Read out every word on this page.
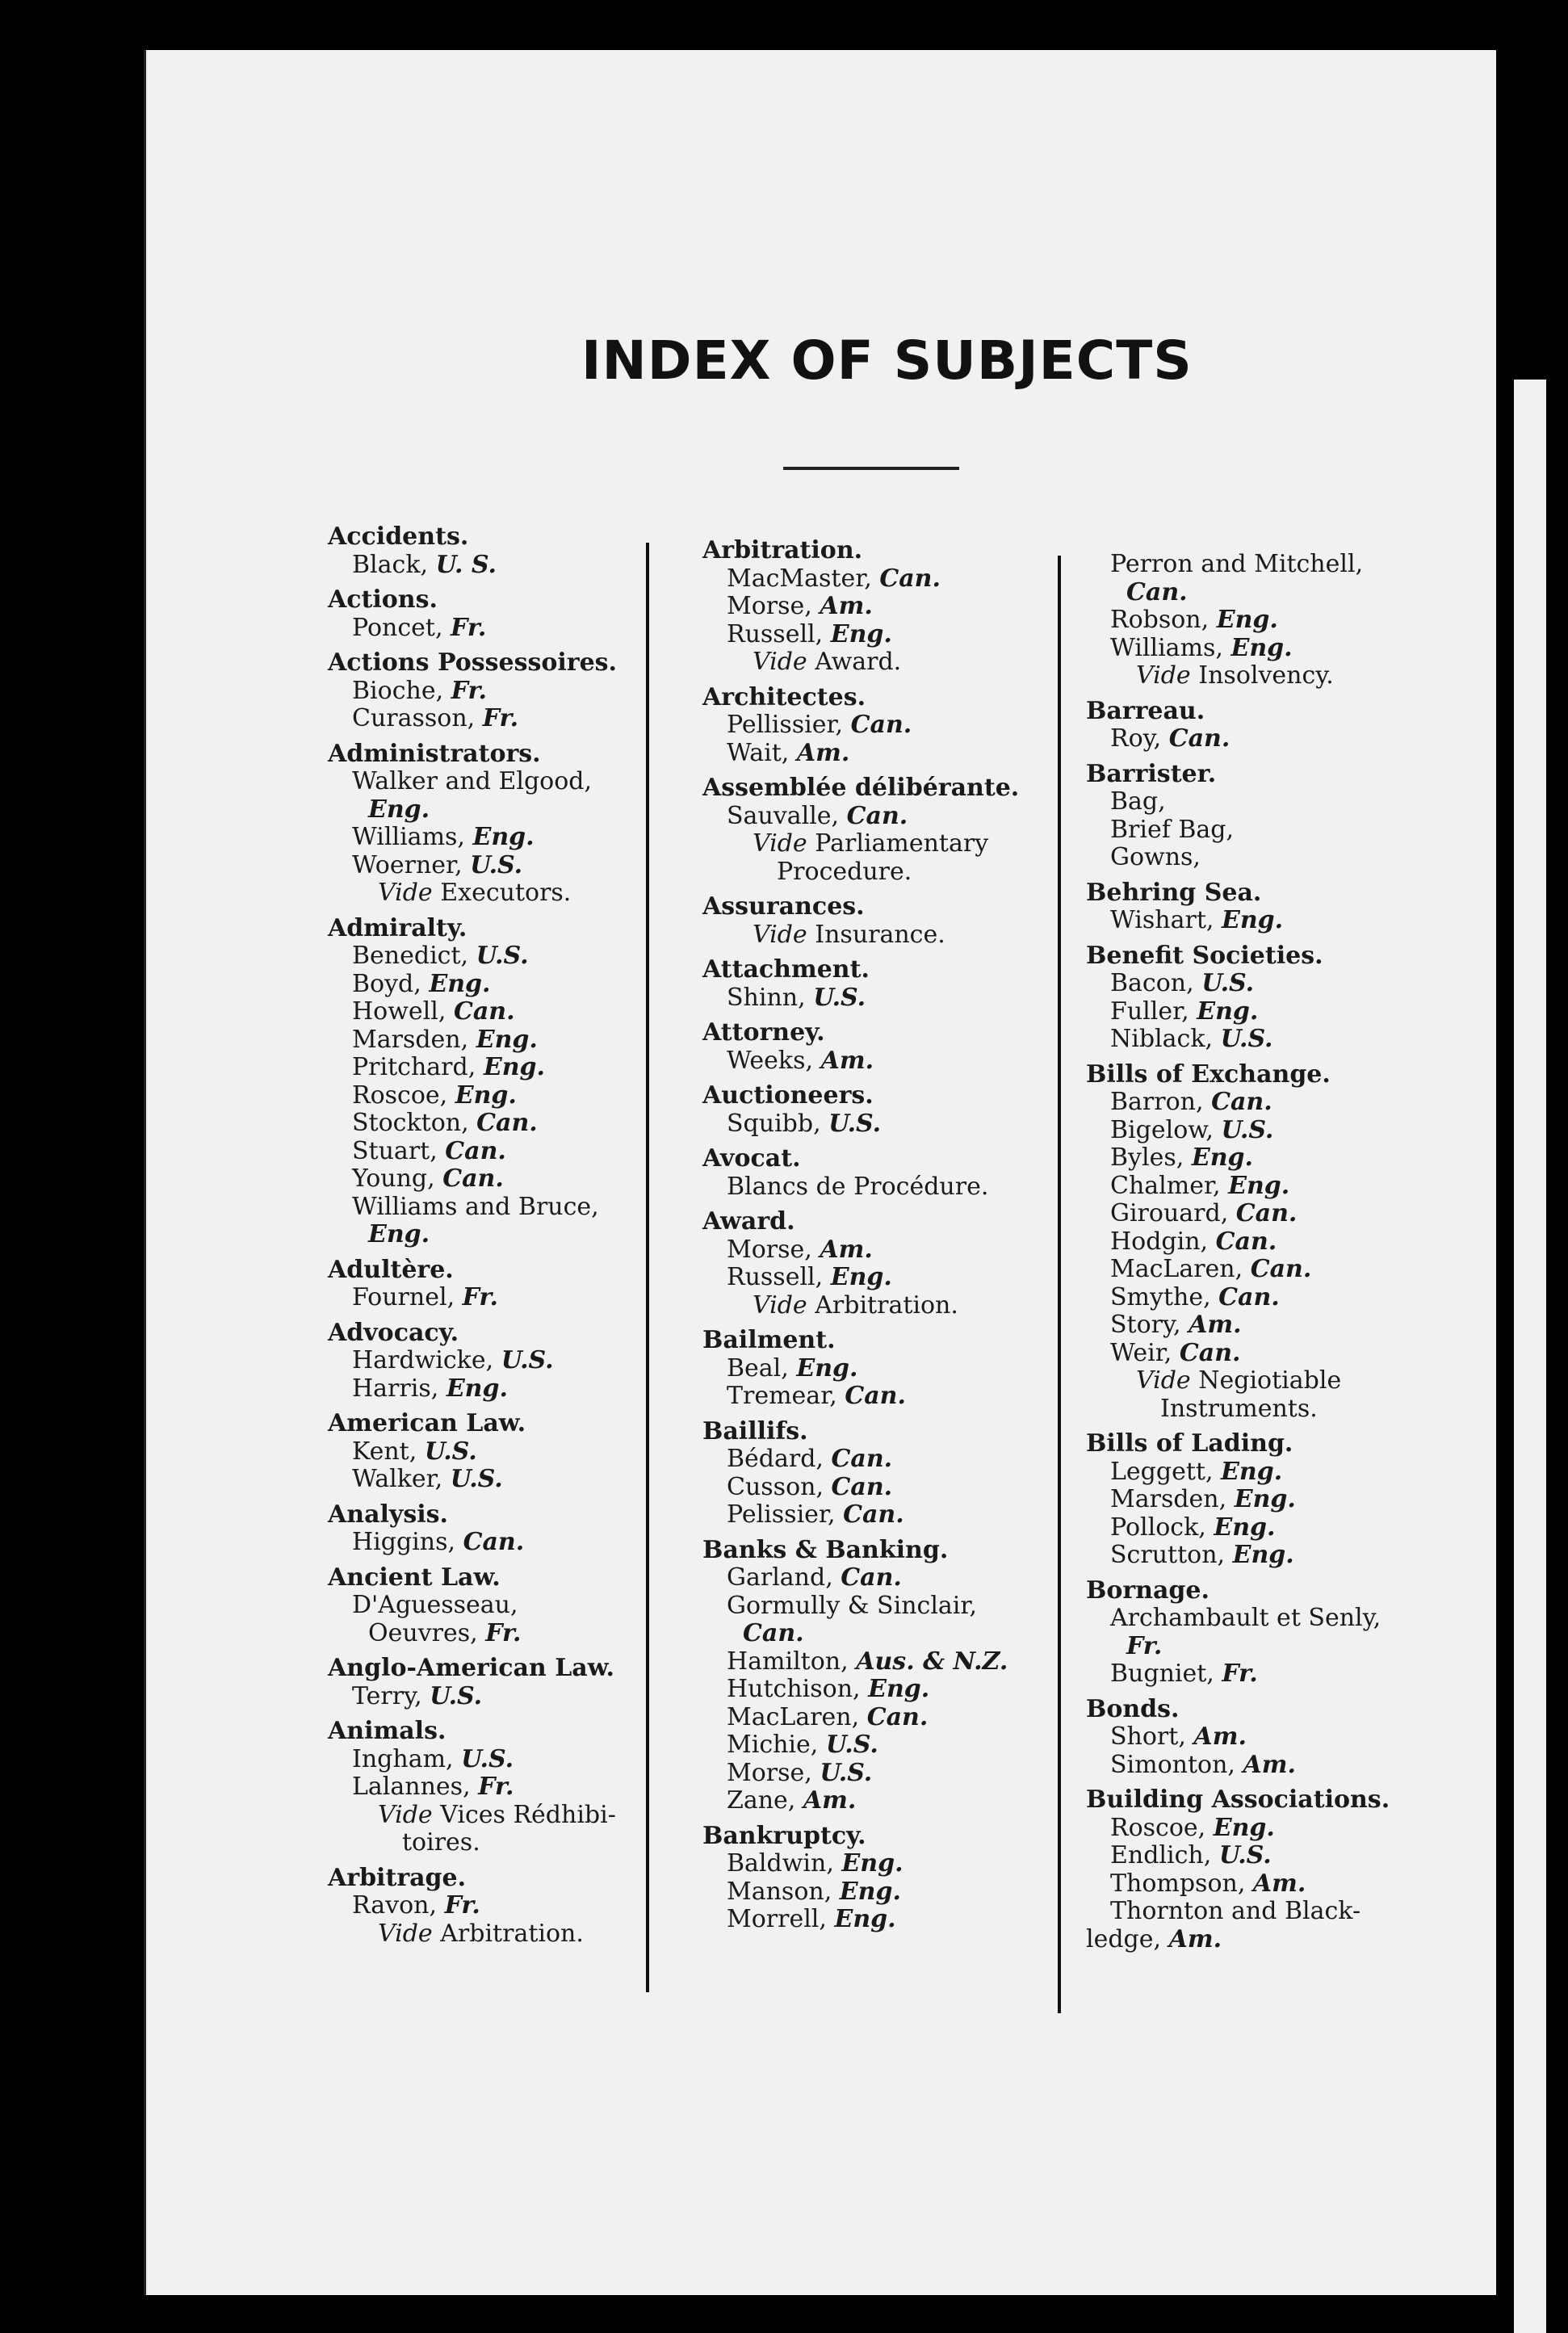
INDEX OF SUBJECTS
Accidents.
Black, U. S.
Actions.
Poncet, Fr.
Actions Possessoires.
Bioche, Fr.
Curasson, Fr.
Administrators.
Walker and Elgood,
Eng.
Williams, Eng.
Woerner, U.S.
Vide Executors.
Admiralty.
Benedict, U.S.
Boyd, Eng.
Howell, Can.
Marsden, Eng.
Pritchard, Eng.
Roscoe, Eng.
Stockton, Can.
Stuart, Can.
Young, Can.
Williams and Bruce,
Eng.
Adultère.
Fournel, Fr.
Advocacy.
Hardwicke, U.S.
Harris, Eng.
American Law.
Kent, U.S.
Walker, U.S.
Analysis.
Higgins, Can.
Ancient Law.
D'Aguesseau,
Oeuvres, Fr.
Anglo-American Law.
Terry, U.S.
Animals.
Ingham, U.S.
Lalannes, Fr.
Vide Vices Rédhibi-
toires.
Arbitrage.
Ravon, Fr.
Vide Arbitration.
Arbitration.
MacMaster, Can.
Morse, Am.
Russell, Eng.
Vide Award.
Architectes.
Pellissier, Can.
Wait, Am.
Assemblée délibérante.
Sauvalle, Can.
Vide Parliamentary
Procedure.
Assurances.
Vide Insurance.
Attachment.
Shinn, U.S.
Attorney.
Weeks, Am.
Auctioneers.
Squibb, U.S.
Avocat.
Blancs de Procédure.
Award.
Morse, Am.
Russell, Eng.
Vide Arbitration.
Bailment.
Beal, Eng.
Tremear, Can.
Baillifs.
Bédard, Can.
Cusson, Can.
Pelissier, Can.
Banks & Banking.
Garland, Can.
Gormully & Sinclair,
Can.
Hamilton, Aus. & N.Z.
Hutchison, Eng.
MacLaren, Can.
Michie, U.S.
Morse, U.S.
Zane, Am.
Bankruptcy.
Baldwin, Eng.
Manson, Eng.
Morrell, Eng.
Perron and Mitchell,
Can.
Robson, Eng.
Williams, Eng.
Vide Insolvency.
Barreau.
Roy, Can.
Barrister.
Bag,
Brief Bag,
Gowns,
Behring Sea.
Wishart, Eng.
Benefit Societies.
Bacon, U.S.
Fuller, Eng.
Niblack, U.S.
Bills of Exchange.
Barron, Can.
Bigelow, U.S.
Byles, Eng.
Chalmer, Eng.
Girouard, Can.
Hodgin, Can.
MacLaren, Can.
Smythe, Can.
Story, Am.
Weir, Can.
Vide Negiotiable
Instruments.
Bills of Lading.
Leggett, Eng.
Marsden, Eng.
Pollock, Eng.
Scrutton, Eng.
Bornage.
Archambault et Senly,
Fr.
Bugniet, Fr.
Bonds.
Short, Am.
Simonton, Am.
Building Associations.
Roscoe, Eng.
Endlich, U.S.
Thompson, Am.
Thornton and Black-
ledge, Am.
